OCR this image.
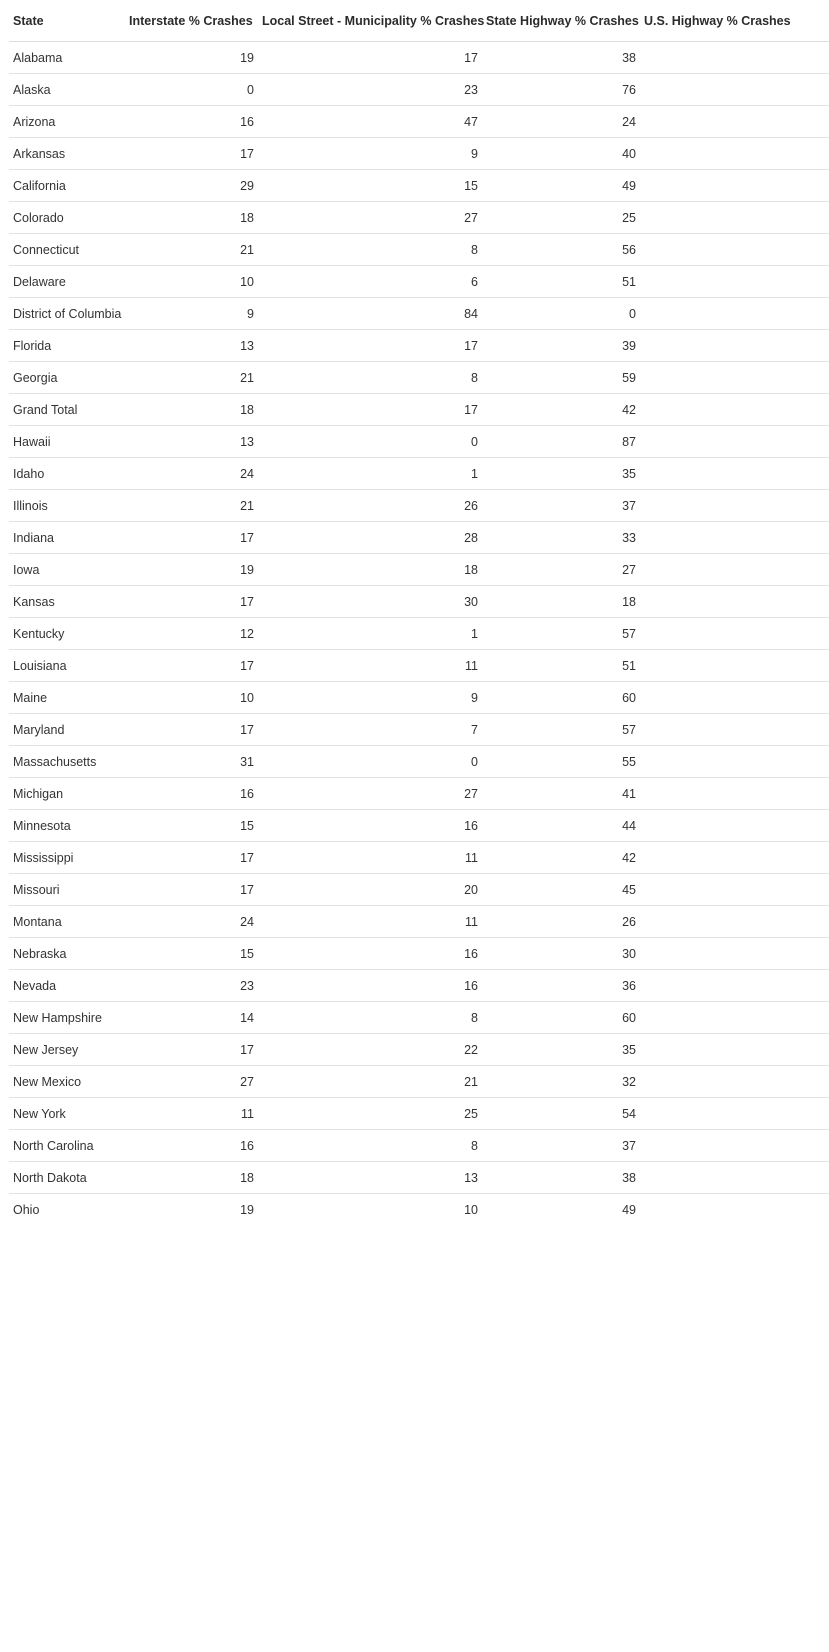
State	Interstate % Crashes	Local Street - Municipality % Crashes	State Highway % Crashes	U.S. Highway % Crashes
Alabama	19	17	38	
Alaska	0	23	76	
Arizona	16	47	24	
Arkansas	17	9	40	
California	29	15	49	
Colorado	18	27	25	
Connecticut	21	8	56	
Delaware	10	6	51	
District of Columbia	9	84	0	
Florida	13	17	39	
Georgia	21	8	59	
Grand Total	18	17	42	
Hawaii	13	0	87	
Idaho	24	1	35	
Illinois	21	26	37	
Indiana	17	28	33	
Iowa	19	18	27	
Kansas	17	30	18	
Kentucky	12	1	57	
Louisiana	17	11	51	
Maine	10	9	60	
Maryland	17	7	57	
Massachusetts	31	0	55	
Michigan	16	27	41	
Minnesota	15	16	44	
Mississippi	17	11	42	
Missouri	17	20	45	
Montana	24	11	26	
Nebraska	15	16	30	
Nevada	23	16	36	
New Hampshire	14	8	60	
New Jersey	17	22	35	
New Mexico	27	21	32	
New York	11	25	54	
North Carolina	16	8	37	
North Dakota	18	13	38	
Ohio	19	10	49	
